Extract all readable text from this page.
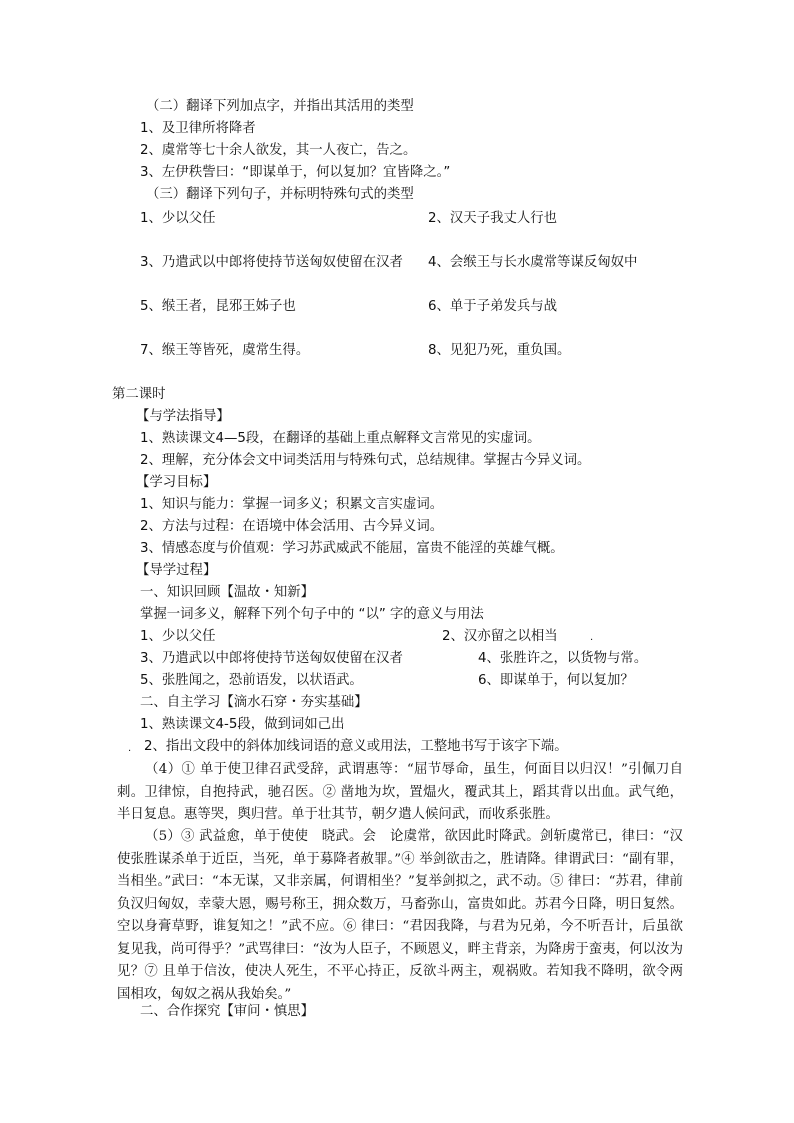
（二）翻译下列加点字，并指出其活用的类型
1、及卫律所将降者
2、虞常等七十余人欲发，其一人夜亡，告之。
3、左伊秩訾曰：“即谋单于，何以复加？宜皆降之。”
（三）翻译下列句子，并标明特殊句式的类型
1、少以父任	2、汉天子我丈人行也
3、乃遣武以中郎将使持节送匈奴使留在汉者 4、会缑王与长水虞常等谋反匈奴中
5、缑王者，昆邪王姊子也	6、单于子弟发兵与战
7、缑王等皆死，虞常生得。	8、见犯乃死，重负国。
第二课时
【与学法指导】
1、熟读课文4—5段，在翻译的基础上重点解释文言常见的实虚词。
2、理解，充分体会文中词类活用与特殊句式，总结规律。掌握古今异义词。
【学习目标】
1、知识与能力：掌握一词多义；积累文言实虚词。
2、方法与过程：在语境中体会活用、古今异义词。
3、情感态度与价值观：学习苏武威武不能屈，富贵不能淫的英雄气概。
【导学过程】
一、知识回顾【温故・知新】
掌握一词多义，解释下列个句子中的 “以” 字的意义与用法
1、少以父任	2、汉亦留之以相当	·
3、乃遣武以中郎将使持节送匈奴使留在汉者	4、张胜许之，以货物与常。
5、张胜闻之，恐前语发，以状语武。	6、即谋单于，何以复加？
二、自主学习【滴水石穿・夯实基础】
1、熟读课文4-5段，做到词如己出
. 2、指出文段中的斜体加线词语的意义或用法，工整地书写于该字下端。
（4）① 单于使卫律召武受辞，武谓惠等：“屈节辱命，虽生，何面目以归汉！”引佩刀自刺。卫律惊，自抱持武，驰召医。② 凿地为坎，置煴火，覆武其上，蹈其背以出血。武气绝，半日复息。惠等哭，舆归营。单于壮其节，朝夕遣人候问武，而收系张胜。
（5）③ 武益愈，单于使使　晓武。会　论虞常，欲因此时降武。剑斩虞常已，律曰：“汉使张胜谋杀单于近臣，当死，单于募降者赦罪。”④ 举剑欲击之，胜请降。律谓武曰：“副有罪，当相坐。”武曰：“本无谋，又非亲属，何谓相坐？”复举剑拟之，武不动。⑤ 律曰：“苏君，律前负汉归匈奴，幸蒙大恩，赐号称王，拥众数万，马畜弥山，富贵如此。苏君今日降，明日复然。空以身膏草野，谁复知之！”武不应。⑥ 律曰：“君因我降，与君为兄弟，今不听吾计，后虽欲复见我，尚可得乎？”武骂律曰：“汝为人臣子，不顾恩义，畔主背亲，为降虏于蛮夷，何以汝为见？⑦ 且单于信汝，使决人死生，不平心持正，反欲斗两主，观祸败。若知我不降明，欲令两国相攻，匈奴之祸从我始矣。”
二、合作探究【审问・慎思】
